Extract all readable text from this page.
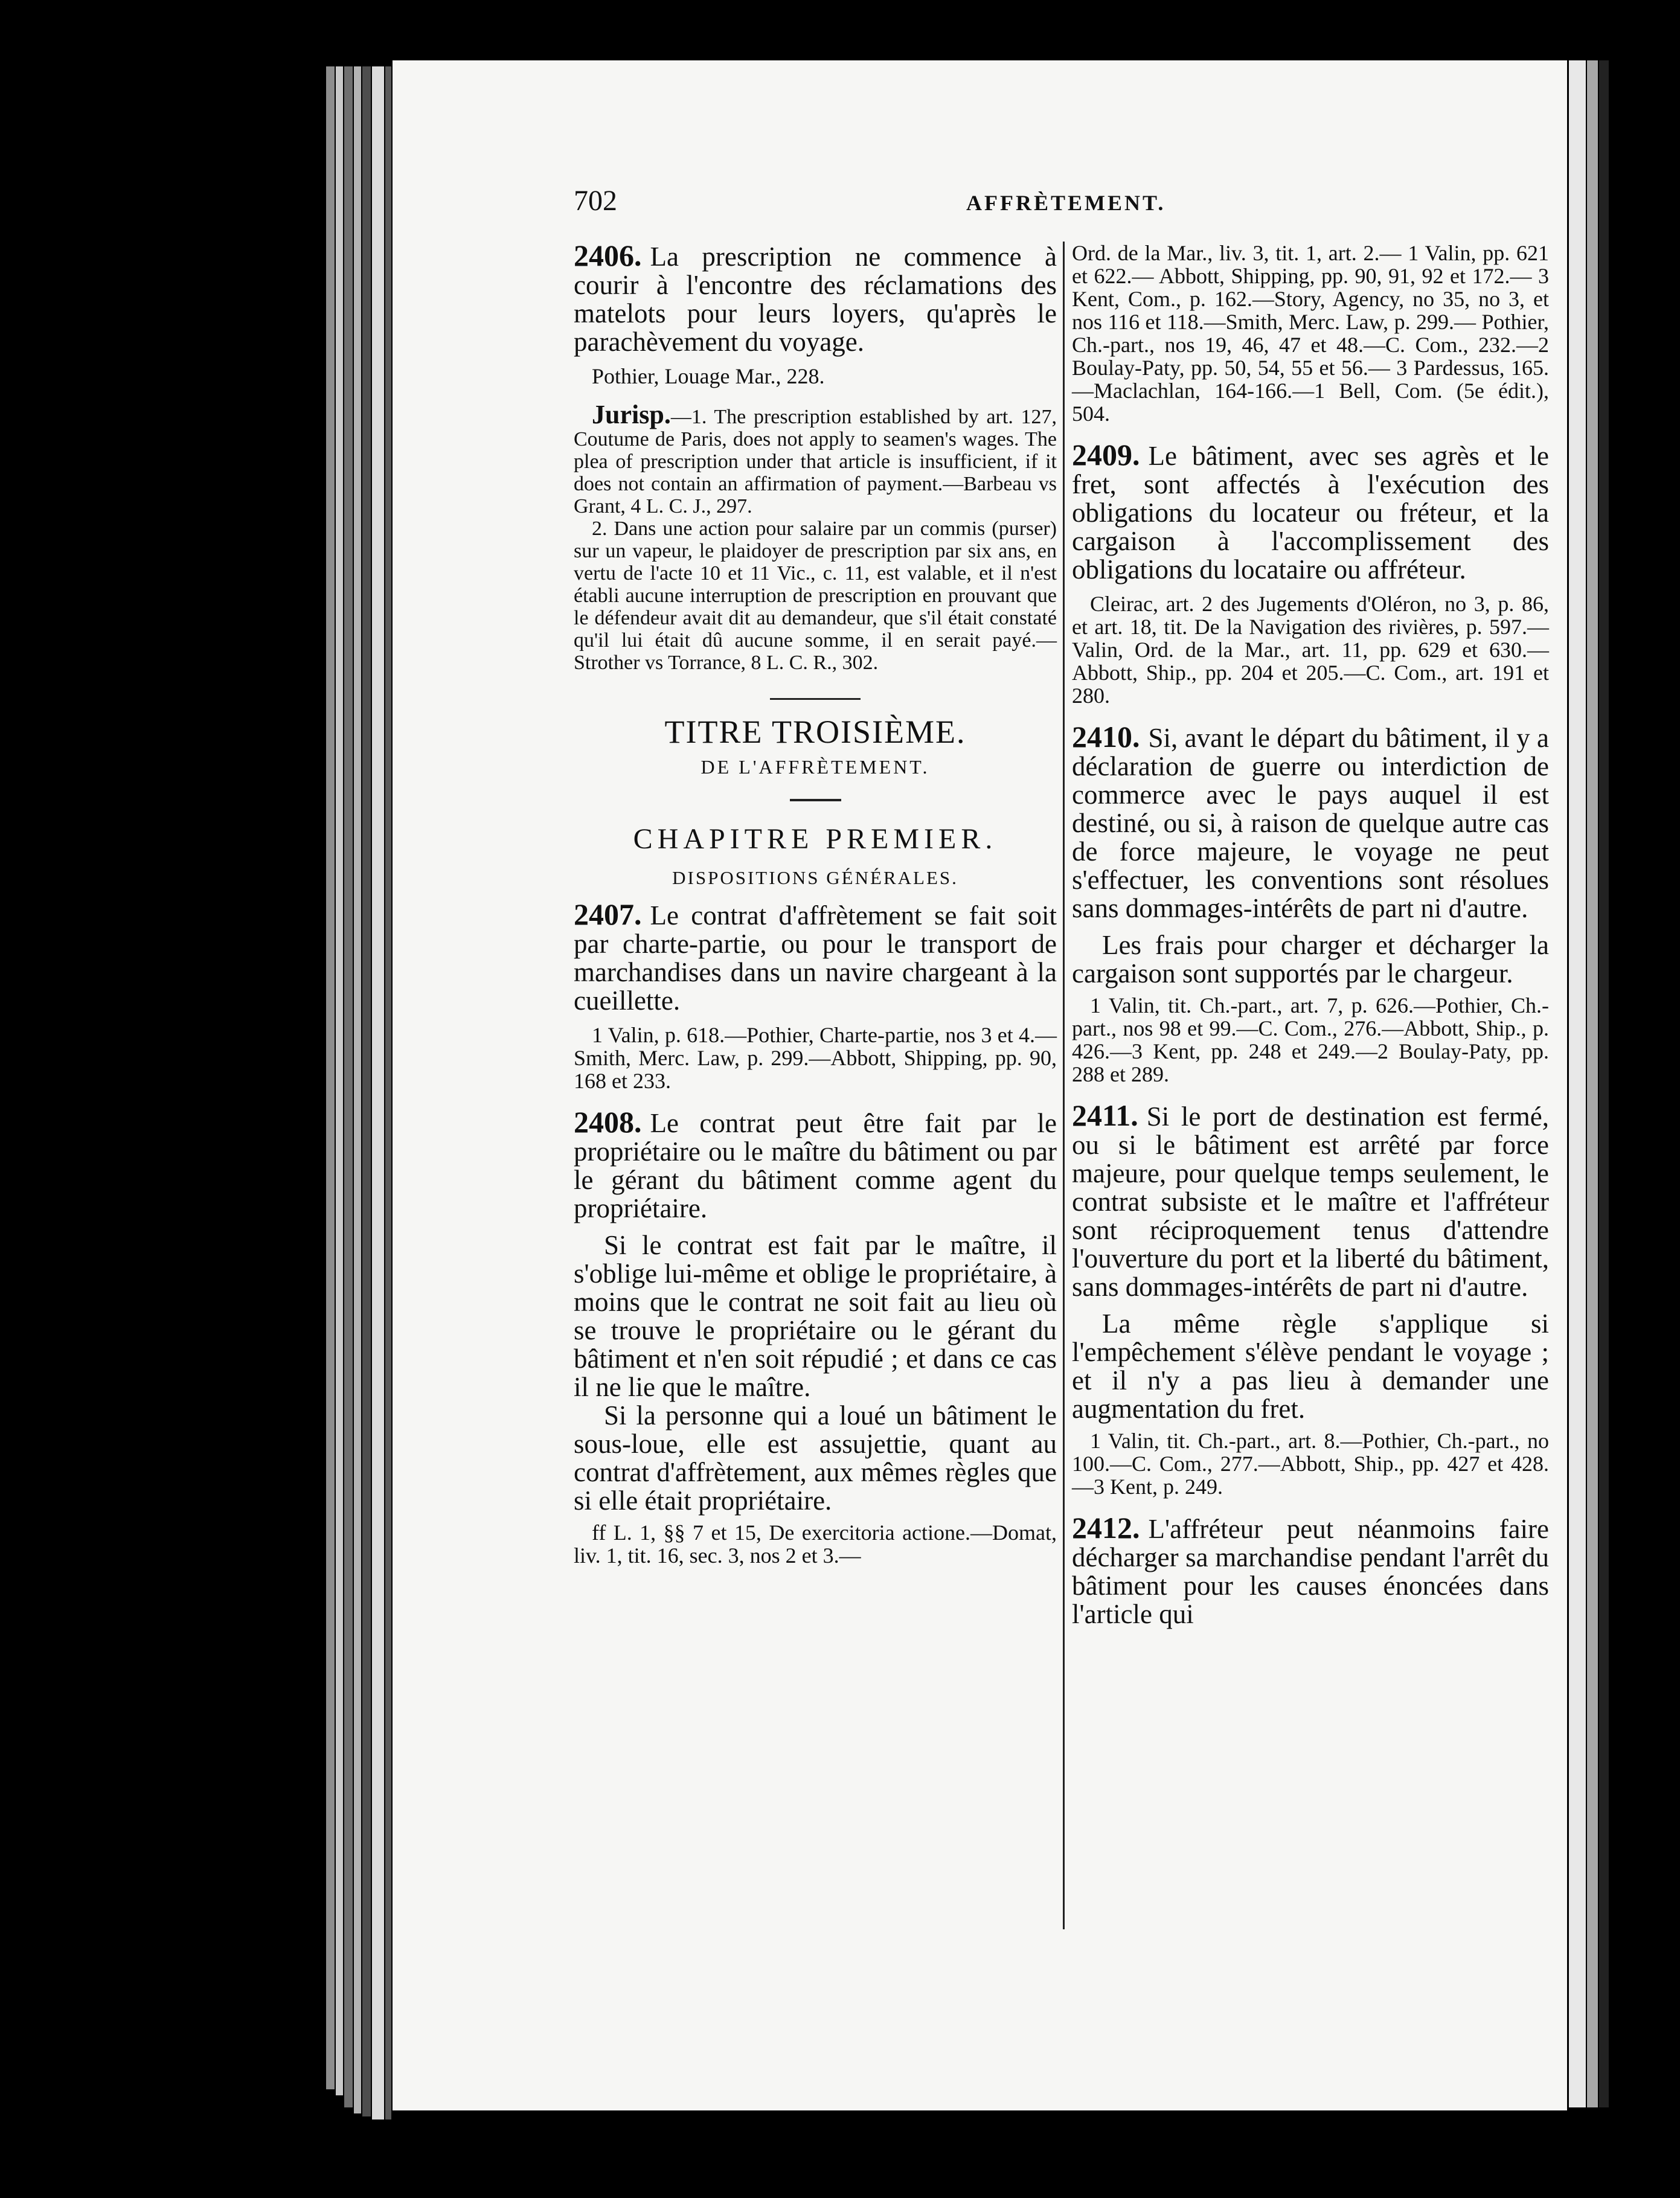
702	AFFRÈTEMENT.

2406. La prescription ne commence à courir à l'encontre des réclamations des matelots pour leurs loyers, qu'après le parachèvement du voyage.

Pothier, Louage Mar., 228.

Jurisp.—1. The prescription established by art. 127, Coutume de Paris, does not apply to seamen's wages. The plea of prescription under that article is insufficient, if it does not contain an affirmation of payment.—Barbeau vs Grant, 4 L. C. J., 297.

2. Dans une action pour salaire par un commis (purser) sur un vapeur, le plaidoyer de prescription par six ans, en vertu de l'acte 10 et 11 Vic., c. 11, est valable, et il n'est établi aucune interruption de prescription en prouvant que le défendeur avait dit au demandeur, que s'il était constaté qu'il lui était dû aucune somme, il en serait payé.—Strother vs Torrance, 8 L. C. R., 302.

TITRE TROISIÈME.
DE L'AFFRÈTEMENT.
CHAPITRE PREMIER.
DISPOSITIONS GÉNÉRALES.

2407. Le contrat d'affrètement se fait soit par charte-partie, ou pour le transport de marchandises dans un navire chargeant à la cueillette.

1 Valin, p. 618.—Pothier, Charte-partie, nos 3 et 4.— Smith, Merc. Law, p. 299.—Abbott, Shipping, pp. 90, 168 et 233.

2408. Le contrat peut être fait par le propriétaire ou le maître du bâtiment ou par le gérant du bâtiment comme agent du propriétaire.

Si le contrat est fait par le maître, il s'oblige lui-même et oblige le propriétaire, à moins que le contrat ne soit fait au lieu où se trouve le propriétaire ou le gérant du bâtiment et n'en soit répudié ; et dans ce cas il ne lie que le maître.

Si la personne qui a loué un bâtiment le sous-loue, elle est assujettie, quant au contrat d'affrètement, aux mêmes règles que si elle était propriétaire.

ff L. 1, §§ 7 et 15, De exercitoria actione.—Domat, liv. 1, tit. 16, sec. 3, nos 2 et 3.—
Ord. de la Mar., liv. 3, tit. 1, art. 2.— 1 Valin, pp. 621 et 622.— Abbott, Shipping, pp. 90, 91, 92 et 172.— 3 Kent, Com., p. 162.—Story, Agency, no 35, no 3, et nos 116 et 118.—Smith, Merc. Law, p. 299.— Pothier, Ch.-part., nos 19, 46, 47 et 48.—C. Com., 232.—2 Boulay-Paty, pp. 50, 54, 55 et 56.— 3 Pardessus, 165.—Maclachlan, 164-166.—1 Bell, Com. (5e édit.), 504.

2409. Le bâtiment, avec ses agrès et le fret, sont affectés à l'exécution des obligations du locateur ou fréteur, et la cargaison à l'accomplissement des obligations du locataire ou affréteur.

Cleirac, art. 2 des Jugements d'Oléron, no 3, p. 86, et art. 18, tit. De la Navigation des rivières, p. 597.— Valin, Ord. de la Mar., art. 11, pp. 629 et 630.—Abbott, Ship., pp. 204 et 205.—C. Com., art. 191 et 280.

2410. Si, avant le départ du bâtiment, il y a déclaration de guerre ou interdiction de commerce avec le pays auquel il est destiné, ou si, à raison de quelque autre cas de force majeure, le voyage ne peut s'effectuer, les conventions sont résolues sans dommages-intérêts de part ni d'autre.

Les frais pour charger et décharger la cargaison sont supportés par le chargeur.

1 Valin, tit. Ch.-part., art. 7, p. 626.—Pothier, Ch.-part., nos 98 et 99.—C. Com., 276.—Abbott, Ship., p. 426.—3 Kent, pp. 248 et 249.—2 Boulay-Paty, pp. 288 et 289.

2411. Si le port de destination est fermé, ou si le bâtiment est arrêté par force majeure, pour quelque temps seulement, le contrat subsiste et le maître et l'affréteur sont réciproquement tenus d'attendre l'ouverture du port et la liberté du bâtiment, sans dommages-intérêts de part ni d'autre.

La même règle s'applique si l'empêchement s'élève pendant le voyage ; et il n'y a pas lieu à demander une augmentation du fret.

1 Valin, tit. Ch.-part., art. 8.—Pothier, Ch.-part., no 100.—C. Com., 277.—Abbott, Ship., pp. 427 et 428.—3 Kent, p. 249.

2412. L'affréteur peut néanmoins faire décharger sa marchandise pendant l'arrêt du bâtiment pour les causes énoncées dans l'article qui
